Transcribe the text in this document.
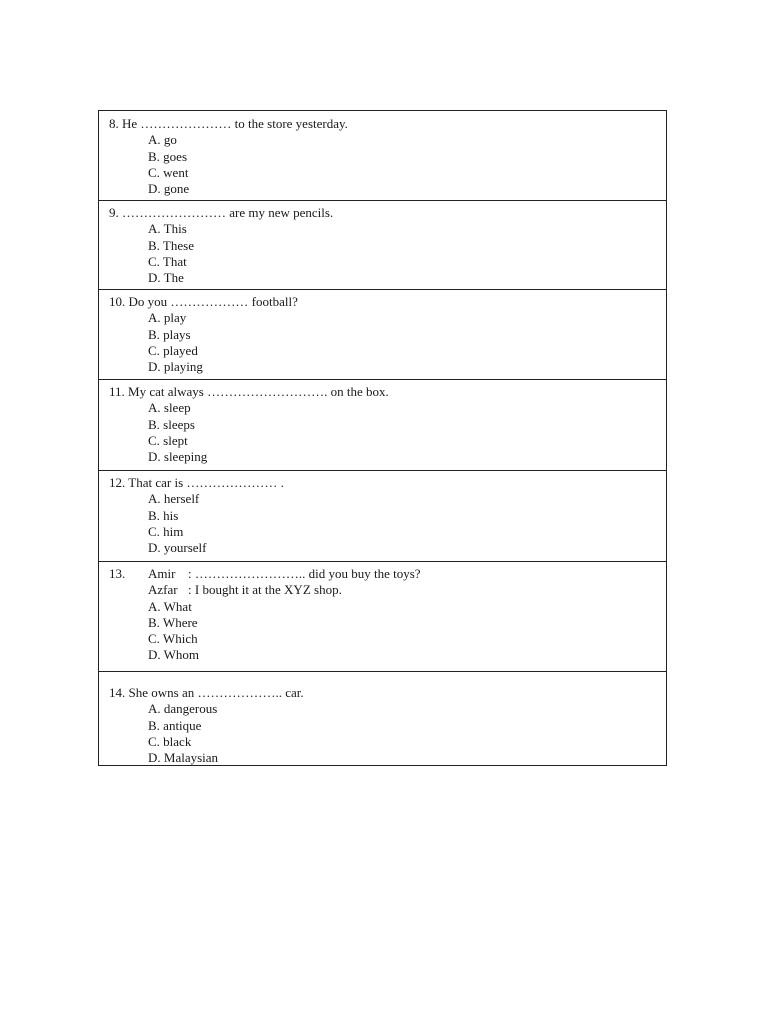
8. He ………………… to the store yesterday.
A. go
B. goes
C. went
D. gone
9. …………………… are my new pencils.
A. This
B. These
C. That
D. The
10. Do you ……………… football?
A. play
B. plays
C. played
D. playing
11. My cat always ………………………. on the box.
A. sleep
B. sleeps
C. slept
D. sleeping
12. That car is ………………… .
A. herself
B. his
C. him
D. yourself
13. Amir : …………………….. did you buy the toys?
Azfar : I bought it at the XYZ shop.
A. What
B. Where
C. Which
D. Whom
14. She owns an ……………….. car.
A. dangerous
B. antique
C. black
D. Malaysian
